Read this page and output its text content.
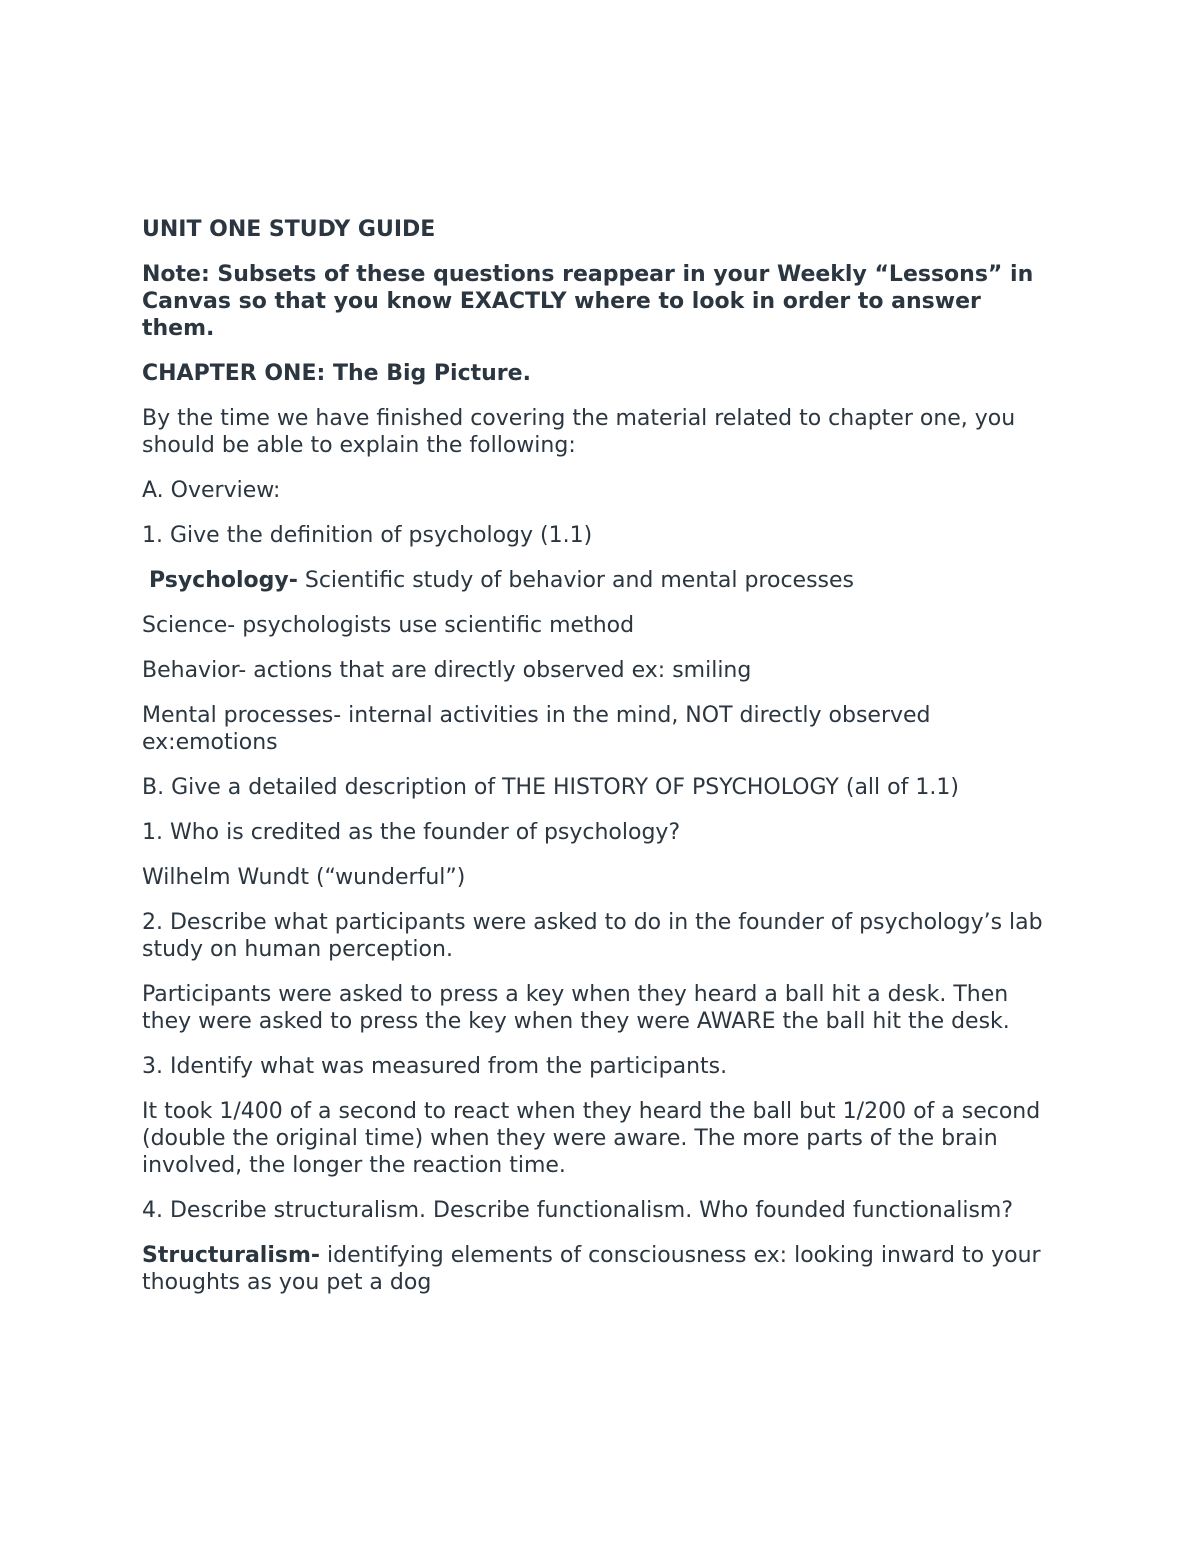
UNIT ONE STUDY GUIDE

Note: Subsets of these questions reappear in your Weekly “Lessons” in Canvas so that you know EXACTLY where to look in order to answer them.

CHAPTER ONE: The Big Picture.

By the time we have finished covering the material related to chapter one, you should be able to explain the following:

A. Overview:

1. Give the definition of psychology (1.1)

Psychology- Scientific study of behavior and mental processes

Science- psychologists use scientific method

Behavior- actions that are directly observed ex: smiling

Mental processes- internal activities in the mind, NOT directly observed ex:emotions

B. Give a detailed description of THE HISTORY OF PSYCHOLOGY (all of 1.1)

1. Who is credited as the founder of psychology?

Wilhelm Wundt (“wunderful”)

2. Describe what participants were asked to do in the founder of psychology’s lab study on human perception.

Participants were asked to press a key when they heard a ball hit a desk. Then they were asked to press the key when they were AWARE the ball hit the desk.

3. Identify what was measured from the participants.

It took 1/400 of a second to react when they heard the ball but 1/200 of a second (double the original time) when they were aware. The more parts of the brain involved, the longer the reaction time.

4. Describe structuralism. Describe functionalism. Who founded functionalism?

Structuralism- identifying elements of consciousness ex: looking inward to your thoughts as you pet a dog
